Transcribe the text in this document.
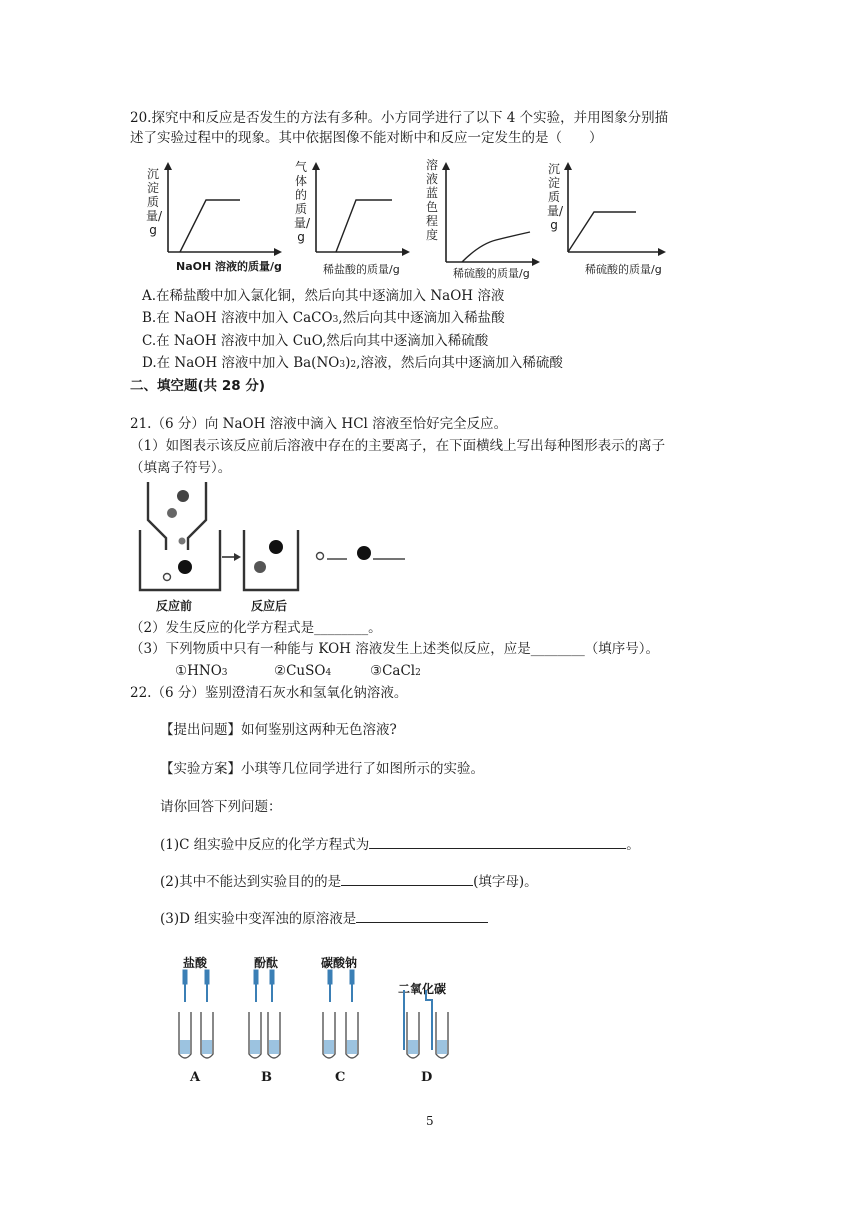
20.探究中和反应是否发生的方法有多种。小方同学进行了以下 4 个实验，并用图象分别描
述了实验过程中的现象。其中依据图像不能对断中和反应一定发生的是（　　）
沉淀质量/g
NaOH 溶液的质量/g
气体的质量/g
稀盐酸的质量/g
溶液蓝色程度
稀硫酸的质量/g
沉淀质量/g
稀硫酸的质量/g
A.在稀盐酸中加入氯化铜，然后向其中逐滴加入 NaOH 溶液
B.在 NaOH 溶液中加入 CaCO3,然后向其中逐滴加入稀盐酸
C.在 NaOH 溶液中加入 CuO,然后向其中逐滴加入稀硫酸
D.在 NaOH 溶液中加入 Ba(NO3)2,溶液，然后向其中逐滴加入稀硫酸
二、填空题(共 28 分)
21.（6 分）向 NaOH 溶液中滴入 HCl 溶液至恰好完全反应。
（1）如图表示该反应前后溶液中存在的主要离子，在下面横线上写出每种图形表示的离子
（填离子符号）。
反应前	反应后
（2）发生反应的化学方程式是________。
（3）下列物质中只有一种能与 KOH 溶液发生上述类似反应，应是________（填序号）。
①HNO3	②CuSO4	③CaCl2
22.（6 分）鉴别澄清石灰水和氢氧化钠溶液。
【提出问题】如何鉴别这两种无色溶液?
【实验方案】小琪等几位同学进行了如图所示的实验。
请你回答下列问题：
(1)C 组实验中反应的化学方程式为	。
(2)其中不能达到实验目的的是	(填字母)。
(3)D 组实验中变浑浊的原溶液是
盐酸	酚酞	碳酸钠
二氧化碳
A	B	C	D
5
